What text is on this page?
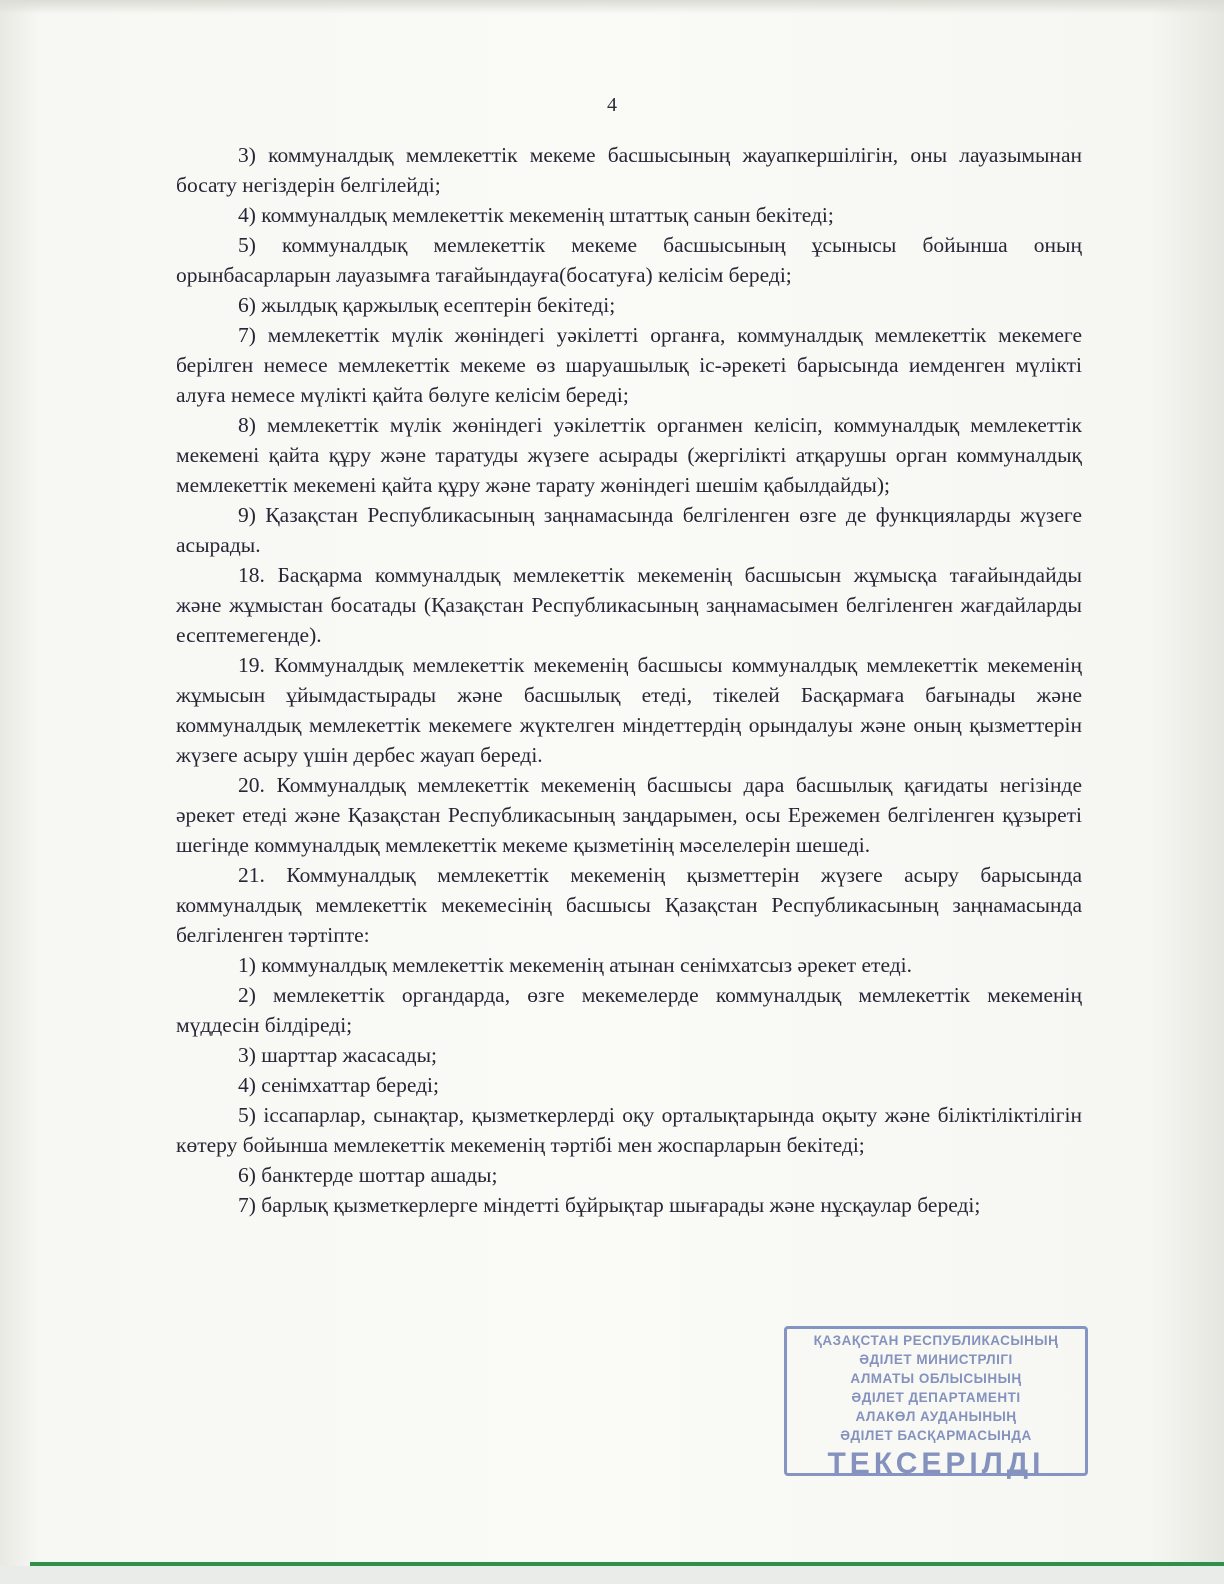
4

3) коммуналдық мемлекеттік мекеме басшысының жауапкершілігін, оны лауазымынан босату негіздерін белгілейді;

4) коммуналдық мемлекеттік мекеменің штаттық санын бекітеді;

5) коммуналдық мемлекеттік мекеме басшысының ұсынысы бойынша оның орынбасарларын лауазымға тағайындауға(босатуға) келісім береді;

6) жылдық қаржылық есептерін бекітеді;

7) мемлекеттік мүлік жөніндегі уәкілетті органға, коммуналдық мемлекеттік мекемеге берілген немесе мемлекеттік мекеме өз шаруашылық іс-әрекеті барысында иемденген мүлікті алуға немесе мүлікті қайта бөлуге келісім береді;

8) мемлекеттік мүлік жөніндегі уәкілеттік органмен келісіп, коммуналдық мемлекеттік мекемені қайта құру және таратуды жүзеге асырады (жергілікті атқарушы орган коммуналдық мемлекеттік мекемені қайта құру және тарату жөніндегі шешім қабылдайды);

9) Қазақстан Республикасының заңнамасында белгіленген өзге де функцияларды жүзеге асырады.

18. Басқарма коммуналдық мемлекеттік мекеменің басшысын жұмысқа тағайындайды және жұмыстан босатады (Қазақстан Республикасының заңнамасымен белгіленген жағдайларды есептемегенде).

19. Коммуналдық мемлекеттік мекеменің басшысы коммуналдық мемлекеттік мекеменің жұмысын ұйымдастырады және басшылық етеді, тікелей Басқармаға бағынады және коммуналдық мемлекеттік мекемеге жүктелген міндеттердің орындалуы және оның қызметтерін жүзеге асыру үшін дербес жауап береді.

20. Коммуналдық мемлекеттік мекеменің басшысы дара басшылық қағидаты негізінде әрекет етеді және Қазақстан Республикасының заңдарымен, осы Ережемен белгіленген құзыреті шегінде коммуналдық мемлекеттік мекеме қызметінің мәселелерін шешеді.

21. Коммуналдық мемлекеттік мекеменің қызметтерін жүзеге асыру барысында коммуналдық мемлекеттік мекемесінің басшысы Қазақстан Республикасының заңнамасында белгіленген тәртіпте:

1) коммуналдық мемлекеттік мекеменің атынан сенімхатсыз әрекет етеді.

2) мемлекеттік органдарда, өзге мекемелерде коммуналдық мемлекеттік мекеменің мүддесін білдіреді;

3) шарттар жасасады;

4) сенімхаттар береді;

5) іссапарлар, сынақтар, қызметкерлерді оқу орталықтарында оқыту және біліктіліктілігін көтеру бойынша мемлекеттік мекеменің тәртібі мен жоспарларын бекітеді;

6) банктерде шоттар ашады;

7) барлық қызметкерлерге міндетті бұйрықтар шығарады және нұсқаулар береді;

ҚАЗАҚСТАН РЕСПУБЛИКАСЫНЫҢ
ӘДІЛЕТ МИНИСТРЛІГІ
АЛМАТЫ ОБЛЫСЫНЫҢ
ӘДІЛЕТ ДЕПАРТАМЕНТІ
АЛАКӨЛ АУДАНЫНЫҢ
ӘДІЛЕТ БАСҚАРМАСЫНДА
ТЕКСЕРІЛДІ
